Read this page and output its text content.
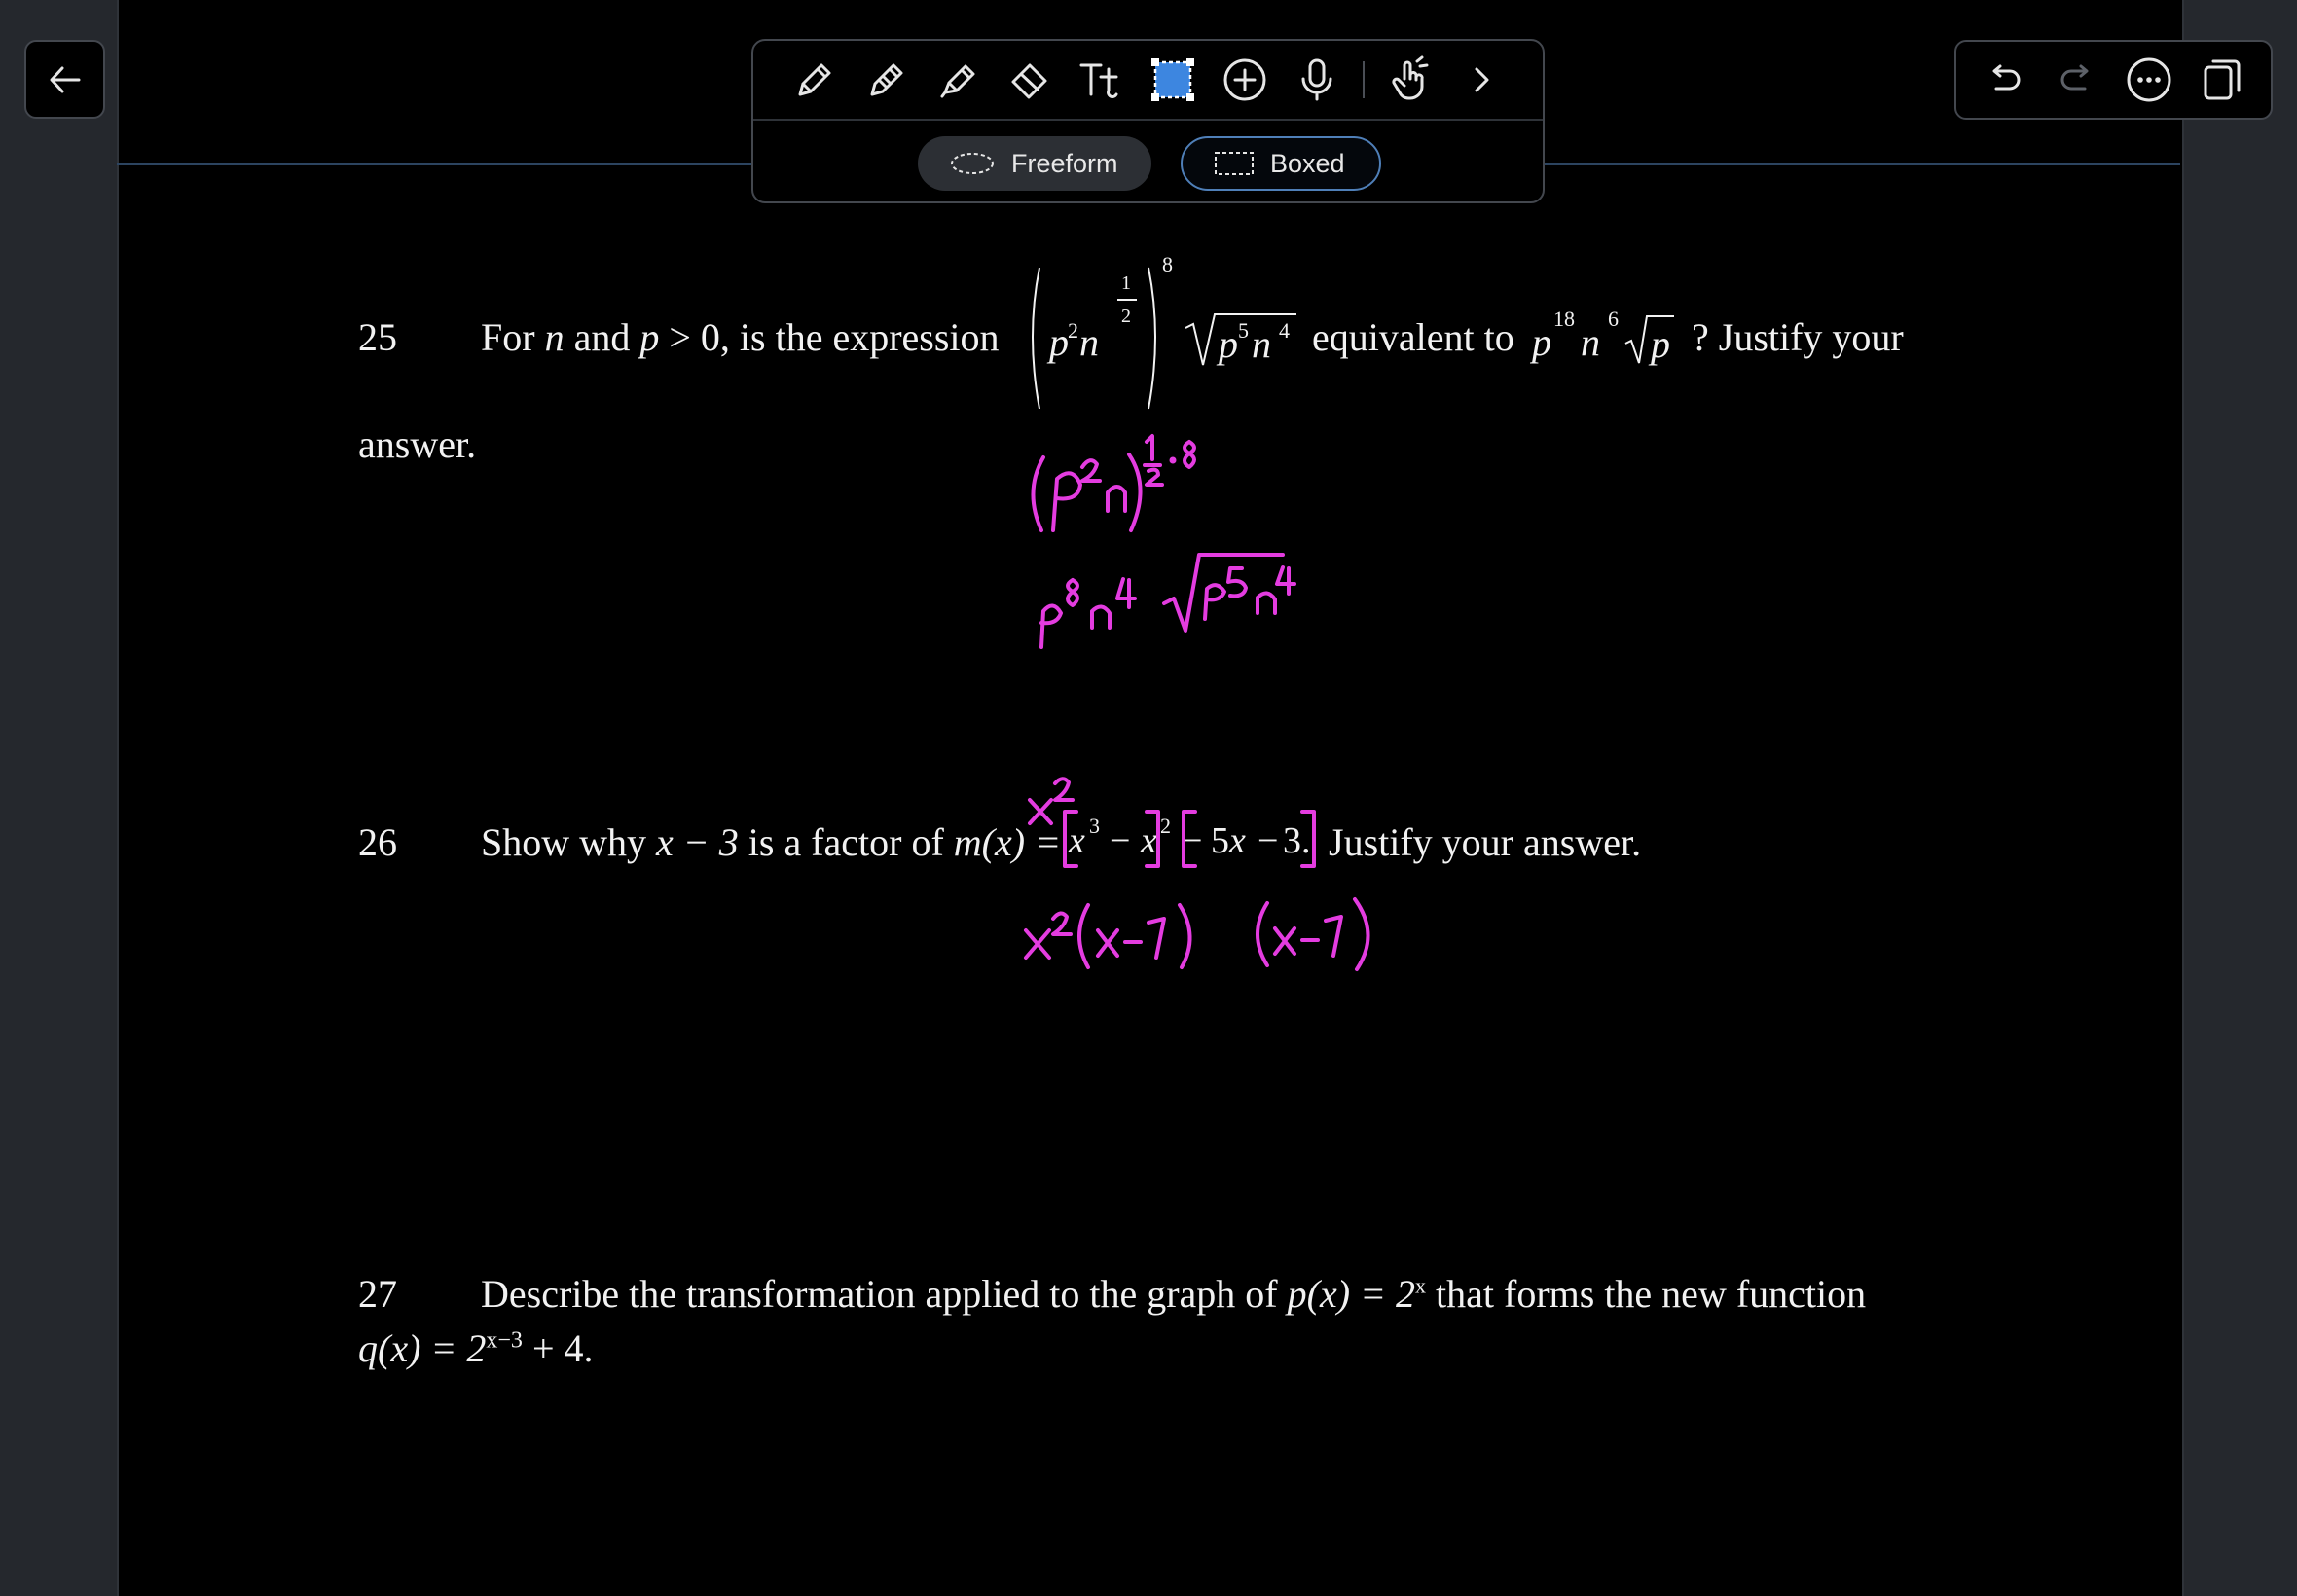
Freeform	Boxed
25 For n and p > 0, is the expression p 2 n
1
2
8
p 5 n 4 equivalent to p
18
n
6
p ? Justify your
answer.
26 Show why x − 3 is a factor of m(x) = x 3 − x 2 − 5x − 3. Justify your answer.
27 Describe the transformation applied to the graph of $p(x) = 2^x$ that forms the new function
$q(x) = 2^{x-3} + 4$.
